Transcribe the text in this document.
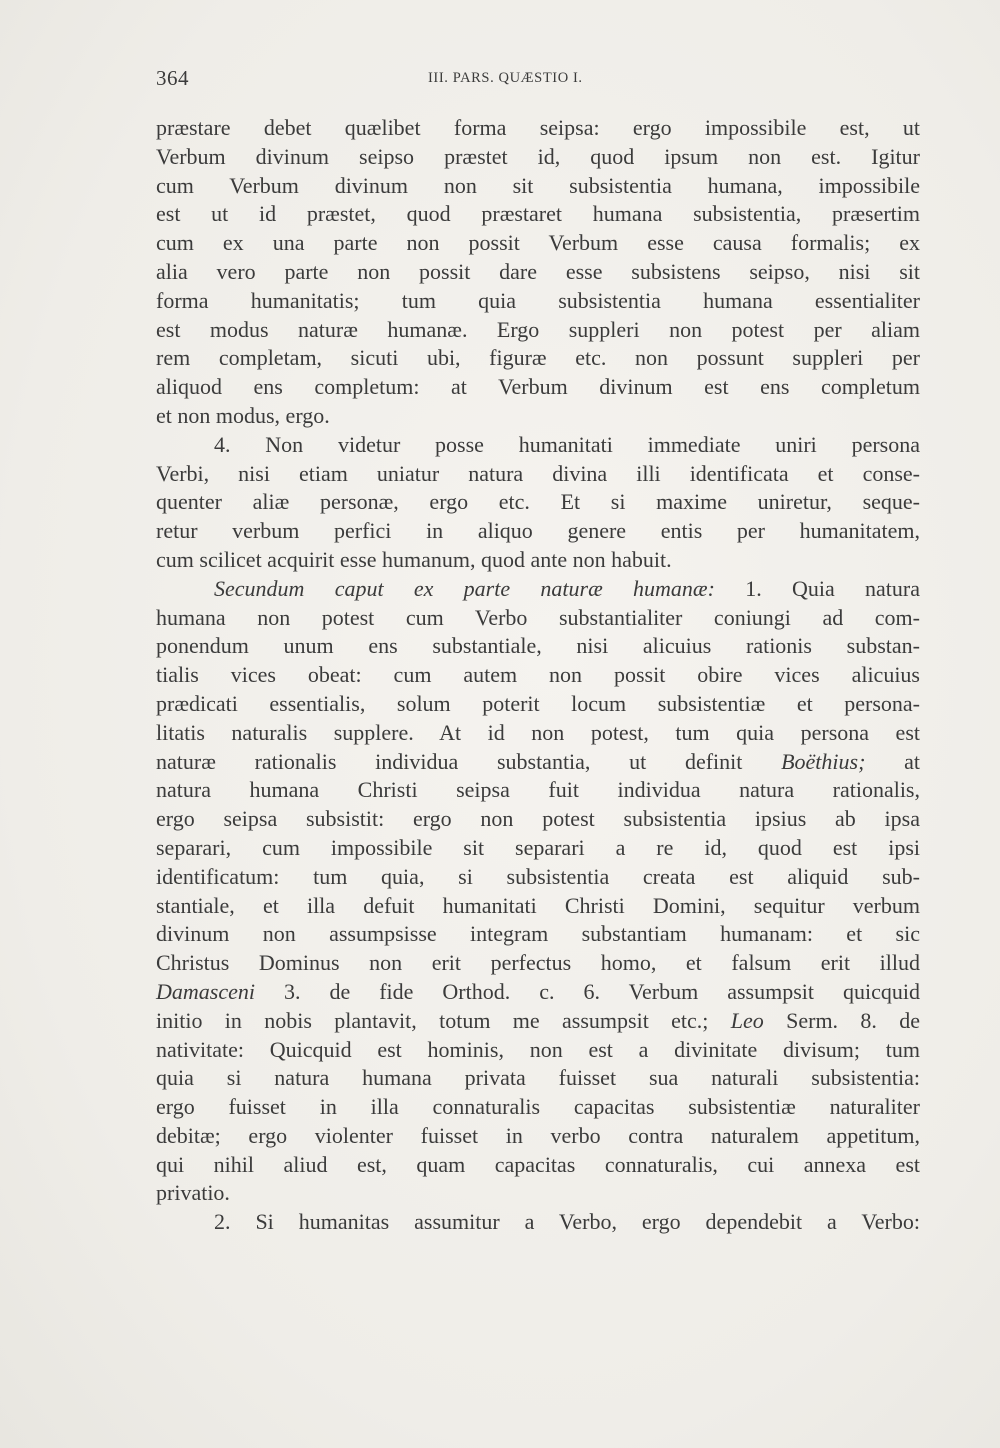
364	III. PARS. QUÆSTIO I.
præstare debet quælibet forma seipsa: ergo impossibile est, ut
Verbum divinum seipso præstet id, quod ipsum non est. Igitur
cum Verbum divinum non sit subsistentia humana, impossibile
est ut id præstet, quod præstaret humana subsistentia, præsertim
cum ex una parte non possit Verbum esse causa formalis; ex
alia vero parte non possit dare esse subsistens seipso, nisi sit
forma humanitatis; tum quia subsistentia humana essentialiter
est modus naturæ humanæ. Ergo suppleri non potest per aliam
rem completam, sicuti ubi, figuræ etc. non possunt suppleri per
aliquod ens completum: at Verbum divinum est ens completum
et non modus, ergo.
4. Non videtur posse humanitati immediate uniri persona
Verbi, nisi etiam uniatur natura divina illi identificata et conse-
quenter aliæ personæ, ergo etc. Et si maxime uniretur, seque-
retur verbum perfici in aliquo genere entis per humanitatem,
cum scilicet acquirit esse humanum, quod ante non habuit.
Secundum caput ex parte naturæ humanæ: 1. Quia natura
humana non potest cum Verbo substantialiter coniungi ad com-
ponendum unum ens substantiale, nisi alicuius rationis substan-
tialis vices obeat: cum autem non possit obire vices alicuius
prædicati essentialis, solum poterit locum subsistentiæ et persona-
litatis naturalis supplere. At id non potest, tum quia persona est
naturæ rationalis individua substantia, ut definit Boëthius; at
natura humana Christi seipsa fuit individua natura rationalis,
ergo seipsa subsistit: ergo non potest subsistentia ipsius ab ipsa
separari, cum impossibile sit separari a re id, quod est ipsi
identificatum: tum quia, si subsistentia creata est aliquid sub-
stantiale, et illa defuit humanitati Christi Domini, sequitur verbum
divinum non assumpsisse integram substantiam humanam: et sic
Christus Dominus non erit perfectus homo, et falsum erit illud
Damasceni 3. de fide Orthod. c. 6. Verbum assumpsit quicquid
initio in nobis plantavit, totum me assumpsit etc.; Leo Serm. 8. de
nativitate: Quicquid est hominis, non est a divinitate divisum; tum
quia si natura humana privata fuisset sua naturali subsistentia:
ergo fuisset in illa connaturalis capacitas subsistentiæ naturaliter
debitæ; ergo violenter fuisset in verbo contra naturalem appetitum,
qui nihil aliud est, quam capacitas connaturalis, cui annexa est
privatio.
2. Si humanitas assumitur a Verbo, ergo dependebit a Verbo:
